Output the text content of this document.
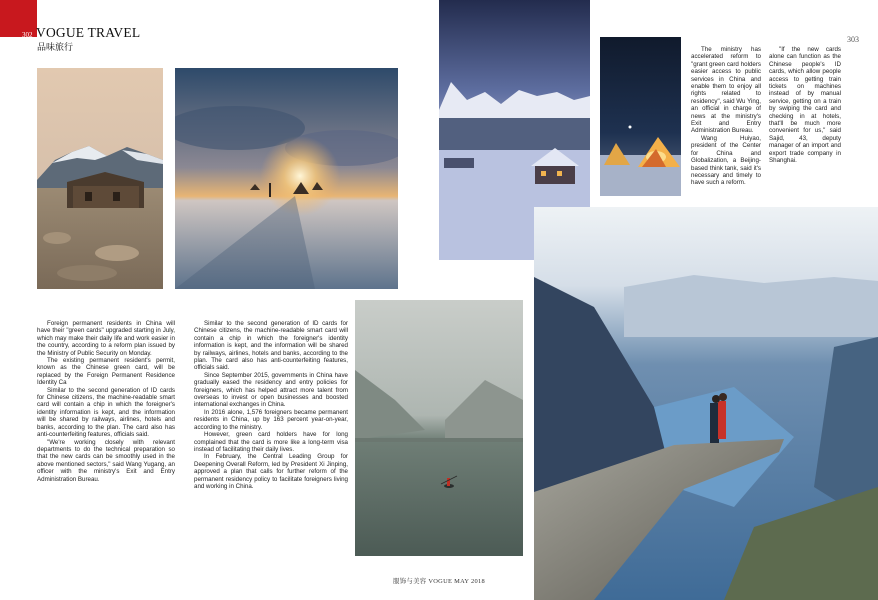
302 VOGUE TRAVEL
品味旅行
303

Foreign permanent residents in China will have their "green cards" upgraded starting in July, which may make their daily life and work easier in the country, according to a reform plan issued by the Ministry of Public Security on Monday.

The existing permanent resident's permit, known as the Chinese green card, will be replaced by the Foreign Permanent Residence Identity Ca

Similar to the second generation of ID cards for Chinese citizens, the machine-readable smart card will contain a chip in which the foreigner's identity information is kept, and the information will be shared by railways, airlines, hotels and banks, according to the plan. The card also has anti-counterfeiting features, officials said.

"We're working closely with relevant departments to do the technical preparation so that the new cards can be smoothly used in the above mentioned sectors," said Wang Yugang, an officer with the ministry's Exit and Entry Administration Bureau.

Similar to the second generation of ID cards for Chinese citizens, the machine-readable smart card will contain a chip in which the foreigner's identity information is kept, and the information will be shared by railways, airlines, hotels and banks, according to the plan. The card also has anti-counterfeiting features, officials said.

Since September 2015, governments in China have gradually eased the residency and entry policies for foreigners, which has helped attract more talent from overseas to invest or open businesses and boosted international exchanges in China.

In 2016 alone, 1,576 foreigners became permanent residents in China, up by 163 percent year-on-year, according to the ministry.

However, green card holders have for long complained that the card is more like a long-term visa instead of facilitating their daily lives.

In February, the Central Leading Group for Deepening Overall Reform, led by President Xi Jinping, approved a plan that calls for further reform of the permanent residency policy to facilitate foreigners living and working in China.

The ministry has accelerated reform to "grant green card holders easier access to public services in China and enable them to enjoy all rights related to residency", said Wu Ying, an official in charge of news at the ministry's Exit and Entry Administration Bureau.

Wang Huiyao, president of the Center for China and Globalization, a Beijing-based think tank, said it's necessary and timely to have such a reform.

"If the new cards alone can function as the Chinese people's ID cards, which allow people access to getting train tickets on machines instead of by manual service, getting on a train by swiping the card and checking in at hotels, that'll be much more convenient for us," said Sajid, 43, deputy manager of an import and export trade company in Shanghai.

服饰与美容 VOGUE MAY 2018
